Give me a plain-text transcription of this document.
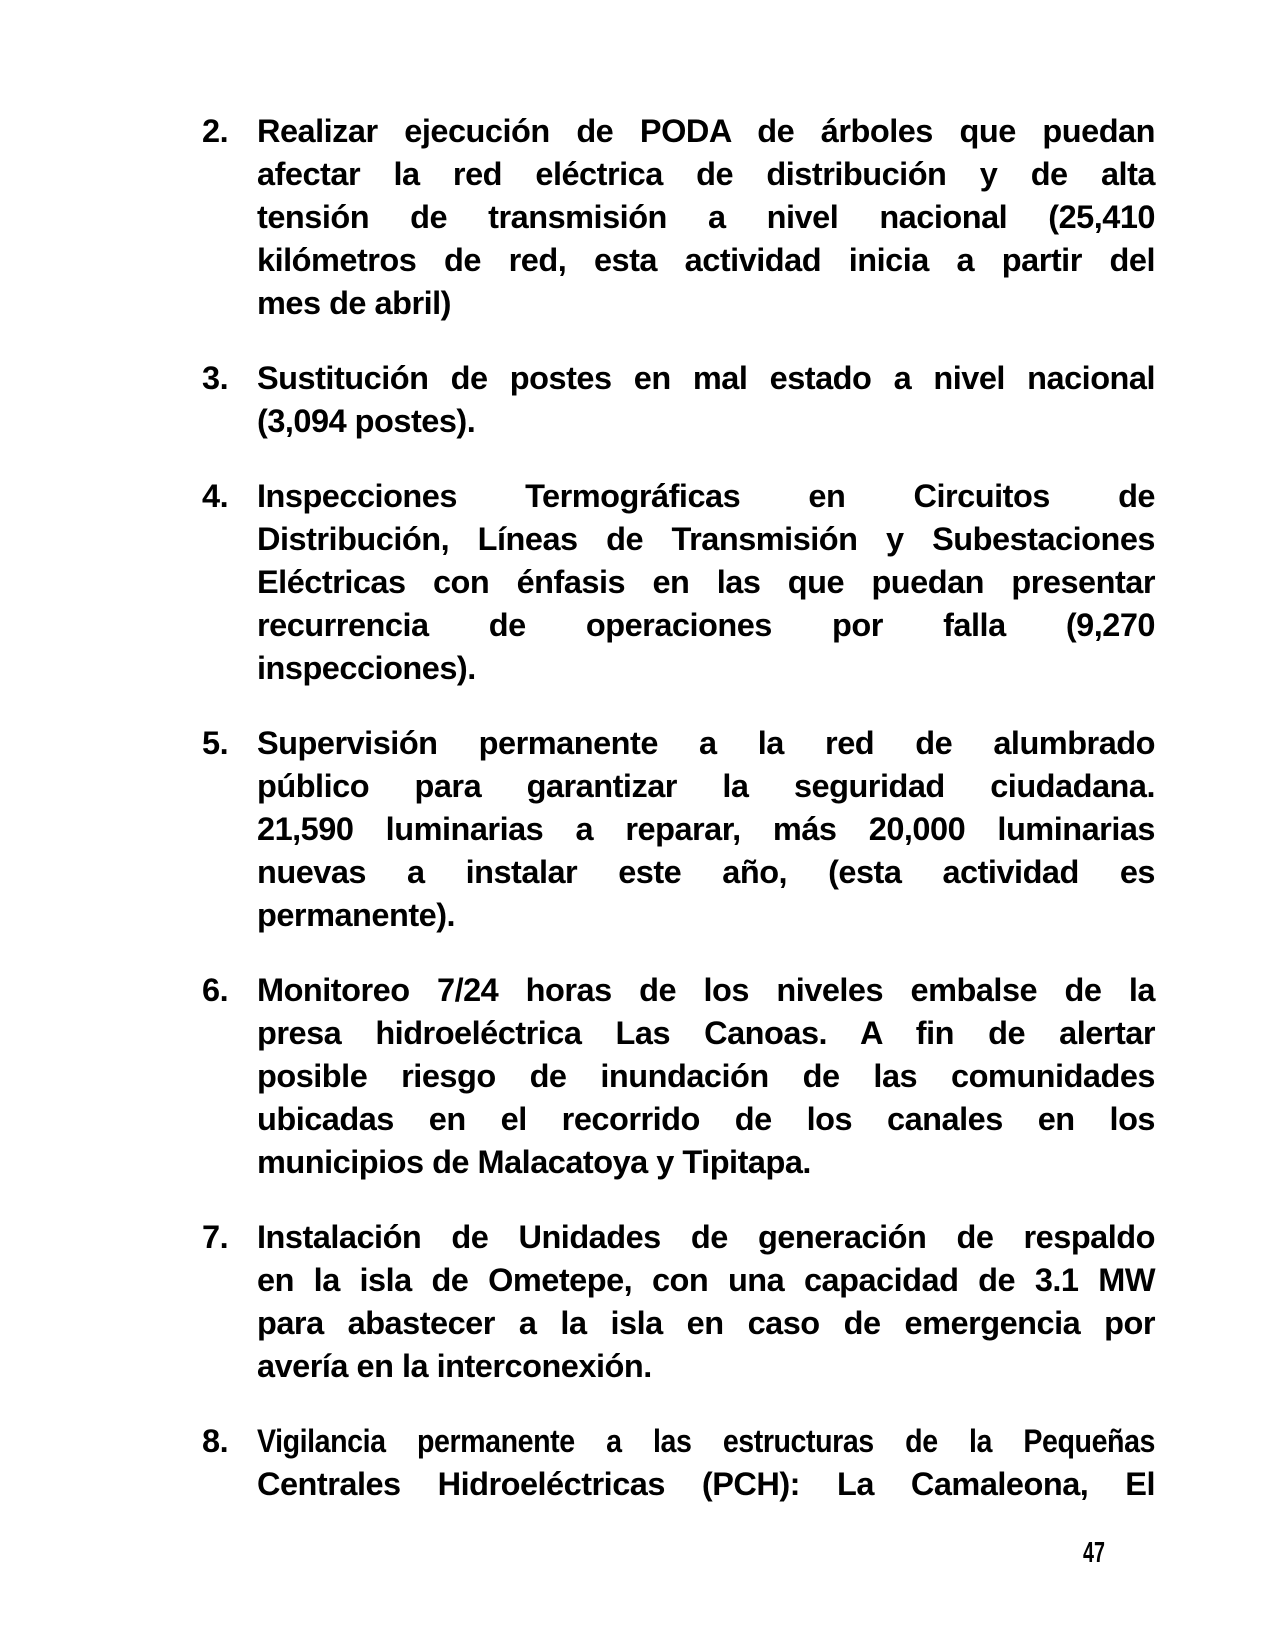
2. Realizar ejecución de PODA de árboles que puedan
afectar la red eléctrica de distribución y de alta
tensión de transmisión a nivel nacional (25,410
kilómetros de red, esta actividad inicia a partir del
mes de abril)
3. Sustitución de postes en mal estado a nivel nacional
(3,094 postes).
4. Inspecciones Termográficas en Circuitos de
Distribución, Líneas de Transmisión y Subestaciones
Eléctricas con énfasis en las que puedan presentar
recurrencia de operaciones por falla (9,270
inspecciones).
5. Supervisión permanente a la red de alumbrado
público para garantizar la seguridad ciudadana.
21,590 luminarias a reparar, más 20,000 luminarias
nuevas a instalar este año, (esta actividad es
permanente).
6. Monitoreo 7/24 horas de los niveles embalse de la
presa hidroeléctrica Las Canoas. A fin de alertar
posible riesgo de inundación de las comunidades
ubicadas en el recorrido de los canales en los
municipios de Malacatoya y Tipitapa.
7. Instalación de Unidades de generación de respaldo
en la isla de Ometepe, con una capacidad de 3.1 MW
para abastecer a la isla en caso de emergencia por
avería en la interconexión.
8. Vigilancia permanente a las estructuras de la Pequeñas
Centrales Hidroeléctricas (PCH): La Camaleona, El
47
